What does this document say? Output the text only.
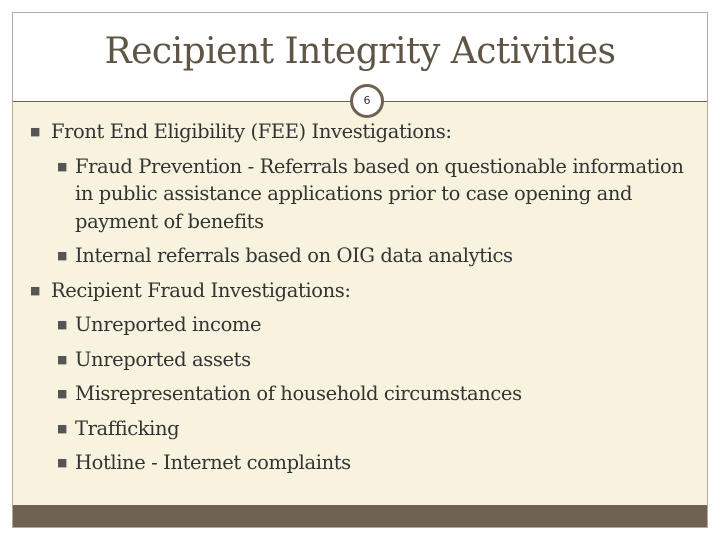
Recipient Integrity Activities
6
■ Front End Eligibility (FEE) Investigations:
■ Fraud Prevention - Referrals based on questionable information in public assistance applications prior to case opening and payment of benefits
■ Internal referrals based on OIG data analytics
■ Recipient Fraud Investigations:
■ Unreported income
■ Unreported assets
■ Misrepresentation of household circumstances
■ Trafficking
■ Hotline - Internet complaints
